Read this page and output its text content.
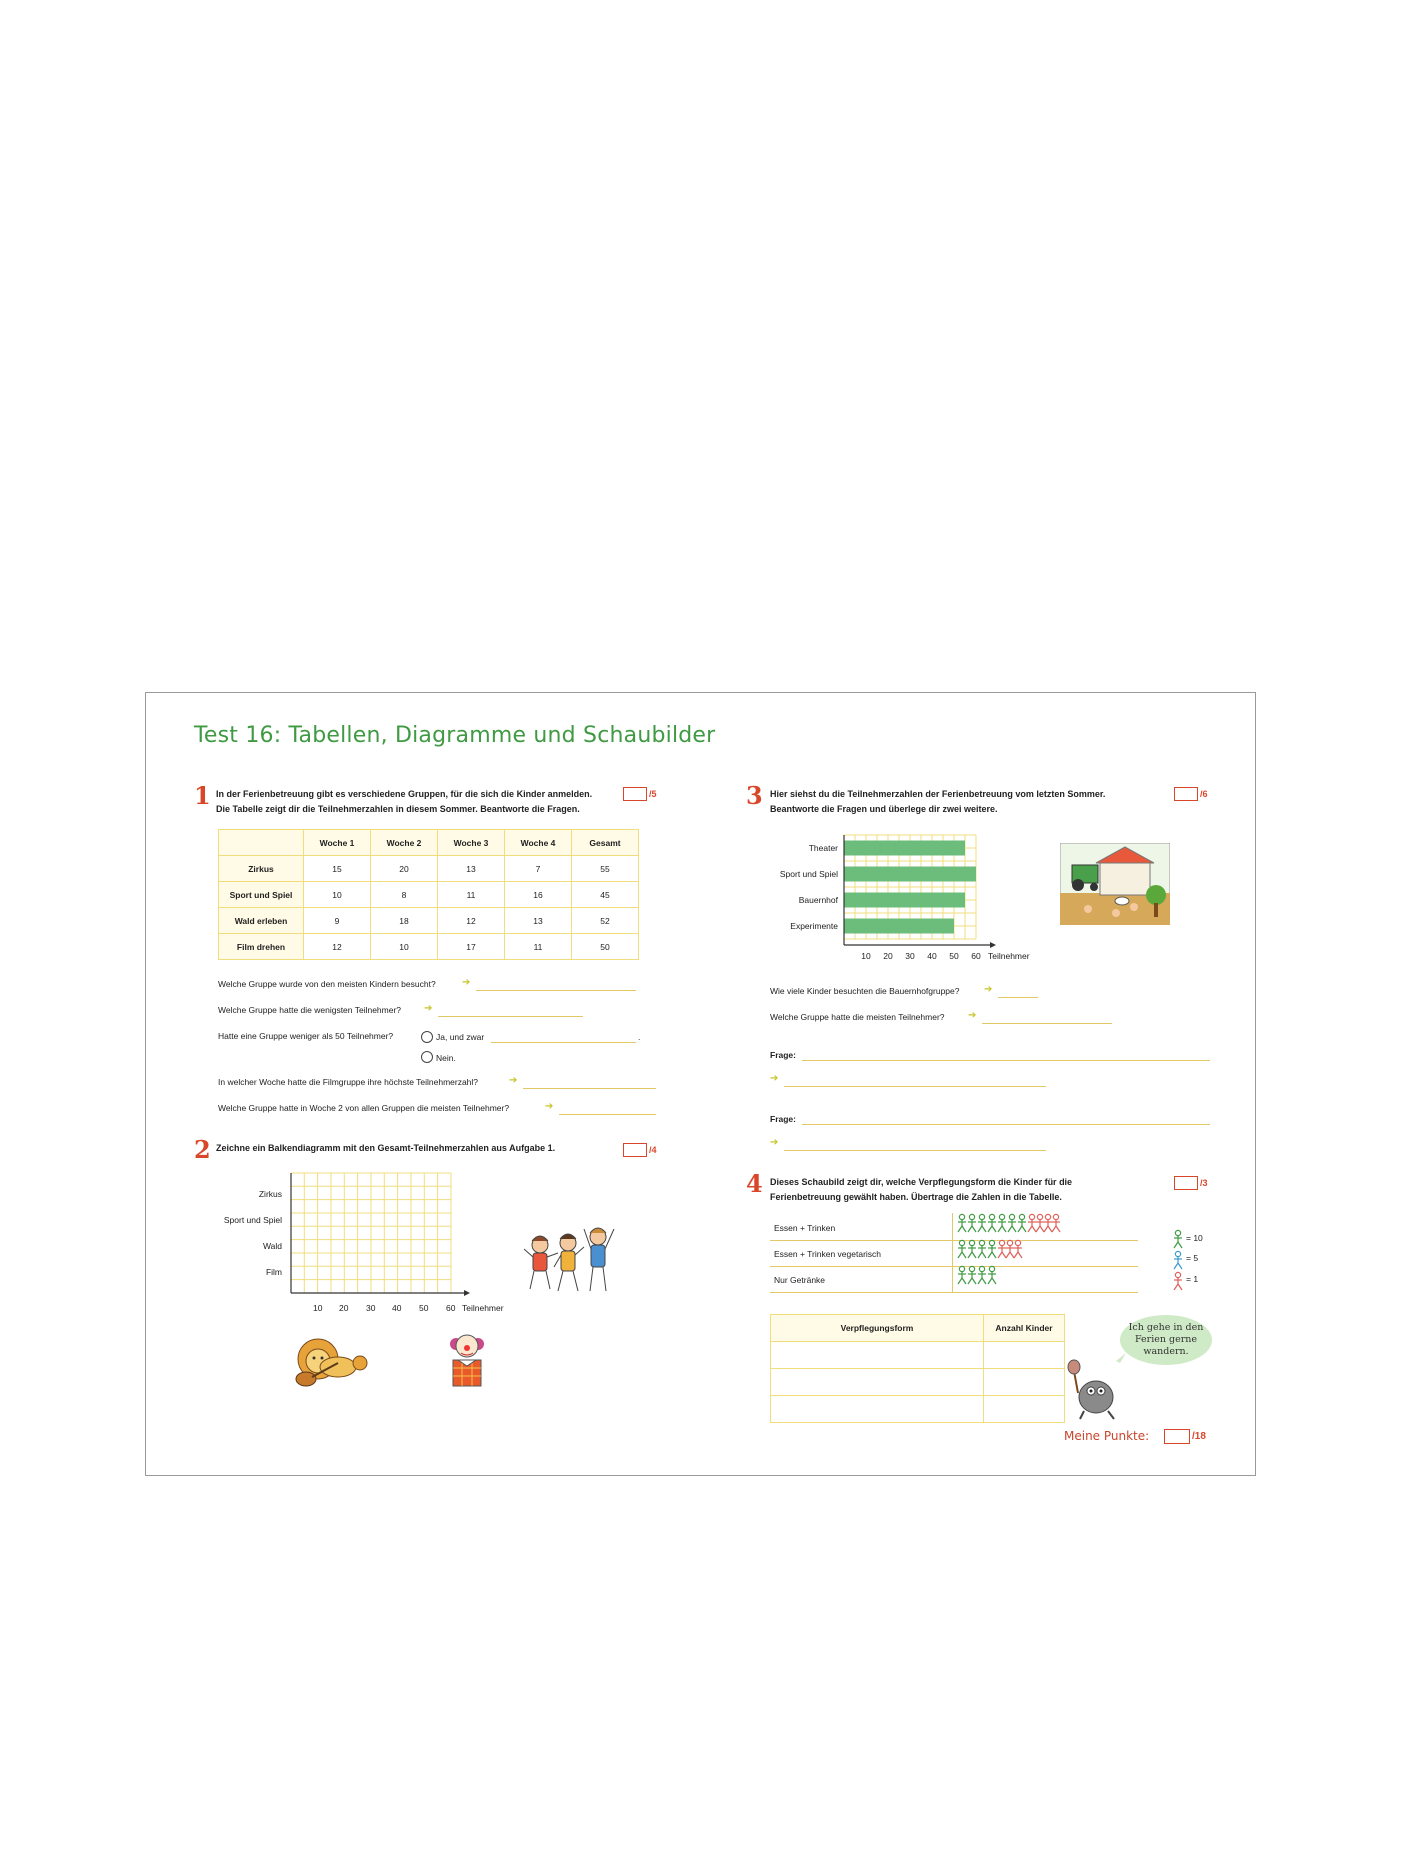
Test 16: Tabellen, Diagramme und Schaubilder
1 In der Ferienbetreuung gibt es verschiedene Gruppen, für die sich die Kinder anmelden.
Die Tabelle zeigt dir die Teilnehmerzahlen in diesem Sommer. Beantworte die Fragen.
/5
	Woche 1	Woche 2	Woche 3	Woche 4	Gesamt
Zirkus	15	20	13	7	55
Sport und Spiel	10	8	11	16	45
Wald erleben	9	18	12	13	52
Film drehen	12	10	17	11	50
Welche Gruppe wurde von den meisten Kindern besucht?	➔
Welche Gruppe hatte die wenigsten Teilnehmer? ➔
Hatte eine Gruppe weniger als 50 Teilnehmer?	Ja, und zwar	.
Nein.
In welcher Woche hatte die Filmgruppe ihre höchste Teilnehmerzahl?	➔
Welche Gruppe hatte in Woche 2 von allen Gruppen die meisten Teilnehmer?	➔
2 Zeichne ein Balkendiagramm mit den Gesamt-Teilnehmerzahlen aus Aufgabe 1.	/4
Zirkus
Sport und Spiel
Wald
Film
10 20 30 40 50 60 Teilnehmer
3 Hier siehst du die Teilnehmerzahlen der Ferienbetreuung vom letzten Sommer.
Beantworte die Fragen und überlege dir zwei weitere.
/6
Theater
Sport und Spiel
Bauernhof
Experimente
10 20 30 40 50 60 Teilnehmer
Wie viele Kinder besuchten die Bauernhofgruppe? ➔
Welche Gruppe hatte die meisten Teilnehmer? ➔
Frage:
➔
Frage:
➔
4 Dieses Schaubild zeigt dir, welche Verpflegungsform die Kinder für die
Ferienbetreuung gewählt haben. Übertrage die Zahlen in die Tabelle.
/3
Essen + Trinken
Essen + Trinken vegetarisch
Nur Getränke
= 10
= 5
= 1
Verpflegungsform	Anzahl Kinder

		Ich gehe in den
Ferien gerne
wandern.
Meine Punkte:	/18
